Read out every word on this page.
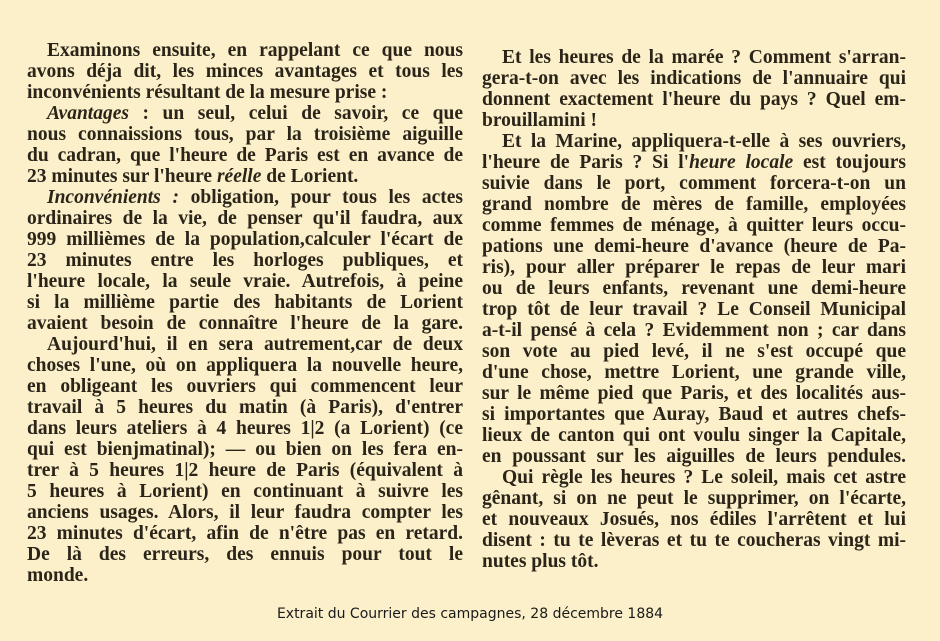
Examinons ensuite, en rappelant ce que nous
avons déja dit, les minces avantages et tous les
inconvénients résultant de la mesure prise :
Avantages : un seul, celui de savoir, ce que
nous connaissions tous, par la troisième aiguille
du cadran, que l'heure de Paris est en avance de
23 minutes sur l'heure réelle de Lorient.
Inconvénients : obligation, pour tous les actes
ordinaires de la vie, de penser qu'il faudra, aux
999 millièmes de la population,calculer l'écart de
23 minutes entre les horloges publiques, et
l'heure locale, la seule vraie. Autrefois, à peine
si la millième partie des habitants de Lorient
avaient besoin de connaître l'heure de la gare.
Aujourd'hui, il en sera autrement,car de deux
choses l'une, où on appliquera la nouvelle heure,
en obligeant les ouvriers qui commencent leur
travail à 5 heures du matin (à Paris), d'entrer
dans leurs ateliers à 4 heures 1|2 (a Lorient) (ce
qui est bienjmatinal); — ou bien on les fera en-
trer à 5 heures 1|2 heure de Paris (équivalent à
5 heures à Lorient) en continuant à suivre les
anciens usages. Alors, il leur faudra compter les
23 minutes d'écart, afin de n'être pas en retard.
De là des erreurs, des ennuis pour tout le
monde.
Et les heures de la marée ? Comment s'arran-
gera-t-on avec les indications de l'annuaire qui
donnent exactement l'heure du pays ? Quel em-
brouillamini !
Et la Marine, appliquera-t-elle à ses ouvriers,
l'heure de Paris ? Si l'heure locale est toujours
suivie dans le port, comment forcera-t-on un
grand nombre de mères de famille, employées
comme femmes de ménage, à quitter leurs occu-
pations une demi-heure d'avance (heure de Pa-
ris), pour aller préparer le repas de leur mari
ou de leurs enfants, revenant une demi-heure
trop tôt de leur travail ? Le Conseil Municipal
a-t-il pensé à cela ? Evidemment non ; car dans
son vote au pied levé, il ne s'est occupé que
d'une chose, mettre Lorient, une grande ville,
sur le même pied que Paris, et des localités aus-
si importantes que Auray, Baud et autres chefs-
lieux de canton qui ont voulu singer la Capitale,
en poussant sur les aiguilles de leurs pendules.
Qui règle les heures ? Le soleil, mais cet astre
gênant, si on ne peut le supprimer, on l'écarte,
et nouveaux Josués, nos édiles l'arrêtent et lui
disent : tu te lèveras et tu te coucheras vingt mi-
nutes plus tôt.
Extrait du Courrier des campagnes, 28 décembre 1884
